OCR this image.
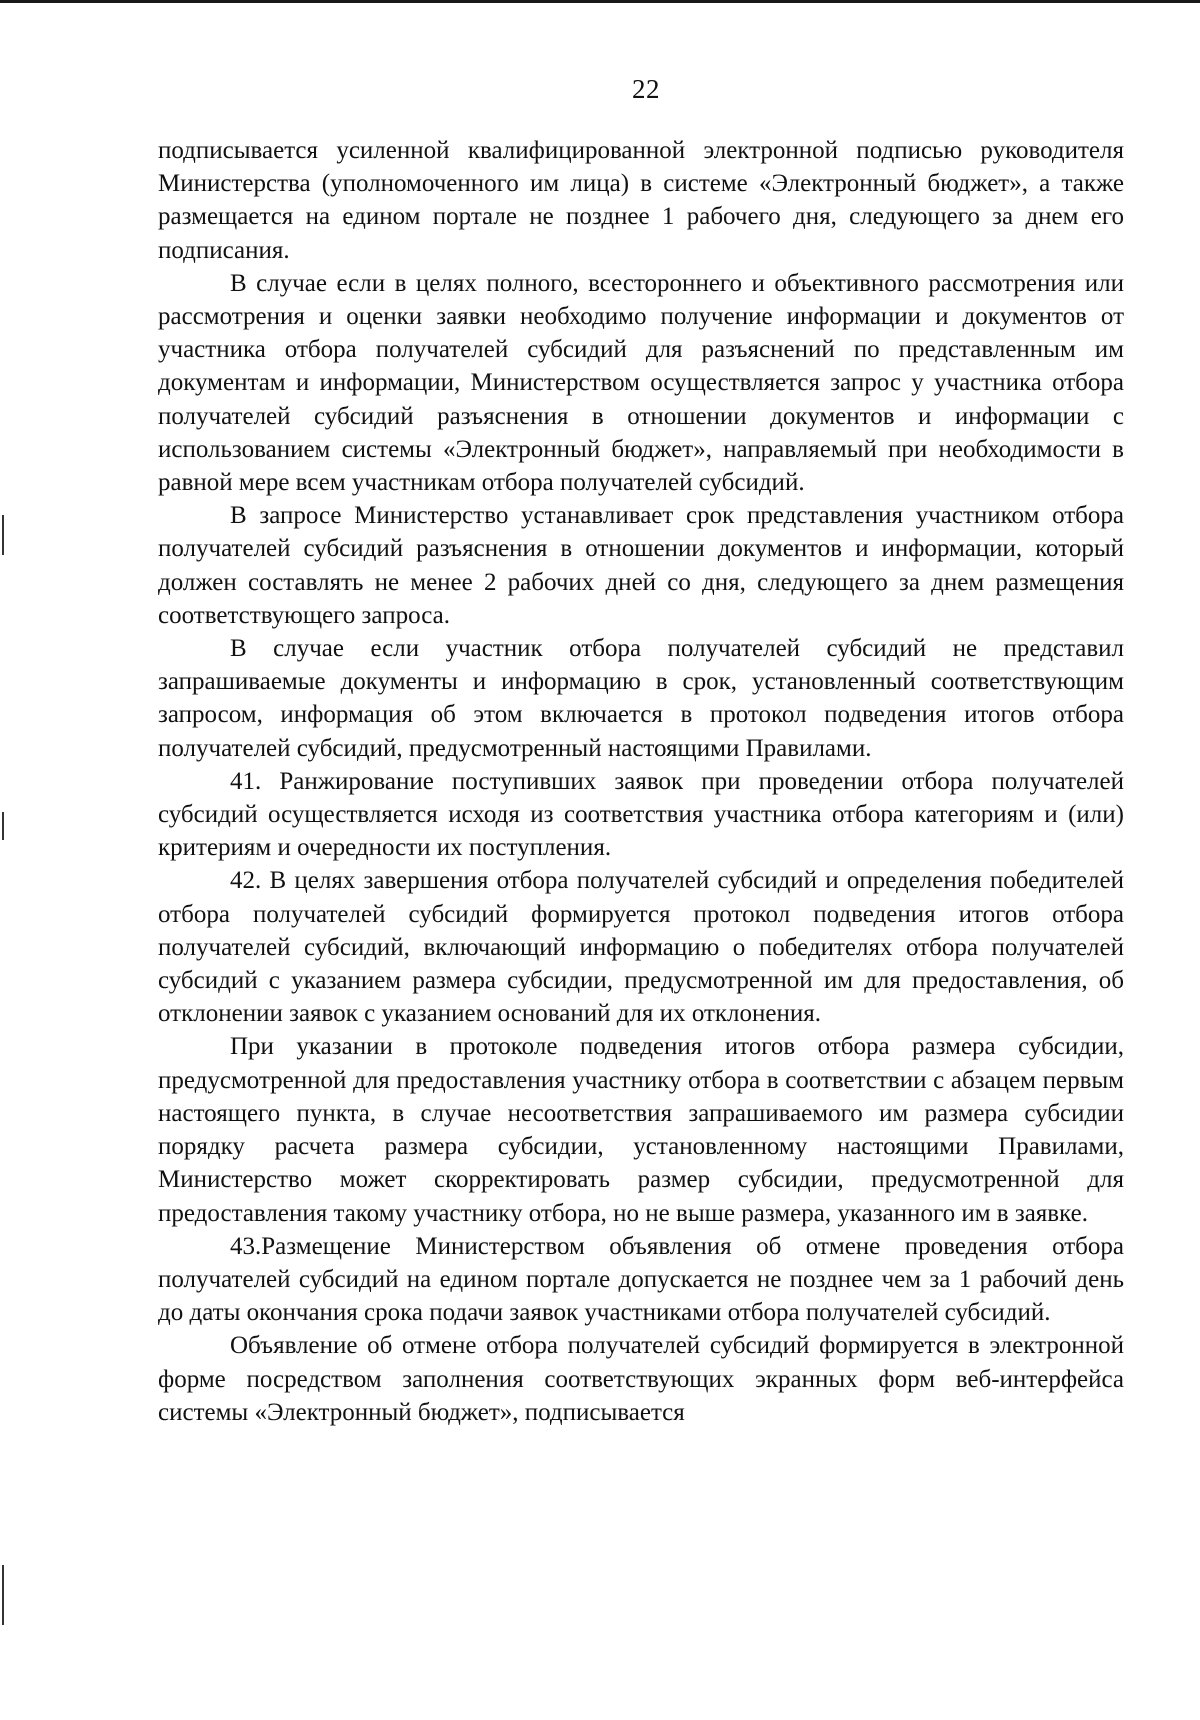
22

подписывается усиленной квалифицированной электронной подписью руководителя Министерства (уполномоченного им лица) в системе «Электронный бюджет», а также размещается на едином портале не позднее 1 рабочего дня, следующего за днем его подписания.

В случае если в целях полного, всестороннего и объективного рассмотрения или рассмотрения и оценки заявки необходимо получение информации и документов от участника отбора получателей субсидий для разъяснений по представленным им документам и информации, Министерством осуществляется запрос у участника отбора получателей субсидий разъяснения в отношении документов и информации с использованием системы «Электронный бюджет», направляемый при необходимости в равной мере всем участникам отбора получателей субсидий.

В запросе Министерство устанавливает срок представления участником отбора получателей субсидий разъяснения в отношении документов и информации, который должен составлять не менее 2 рабочих дней со дня, следующего за днем размещения соответствующего запроса.

В случае если участник отбора получателей субсидий не представил запрашиваемые документы и информацию в срок, установленный соответствующим запросом, информация об этом включается в протокол подведения итогов отбора получателей субсидий, предусмотренный настоящими Правилами.

41. Ранжирование поступивших заявок при проведении отбора получателей субсидий осуществляется исходя из соответствия участника отбора категориям и (или) критериям и очередности их поступления.

42. В целях завершения отбора получателей субсидий и определения победителей отбора получателей субсидий формируется протокол подведения итогов отбора получателей субсидий, включающий информацию о победителях отбора получателей субсидий с указанием размера субсидии, предусмотренной им для предоставления, об отклонении заявок с указанием оснований для их отклонения.

При указании в протоколе подведения итогов отбора размера субсидии, предусмотренной для предоставления участнику отбора в соответствии с абзацем первым настоящего пункта, в случае несоответствия запрашиваемого им размера субсидии порядку расчета размера субсидии, установленному настоящими Правилами, Министерство может скорректировать размер субсидии, предусмотренной для предоставления такому участнику отбора, но не выше размера, указанного им в заявке.

43.Размещение Министерством объявления об отмене проведения отбора получателей субсидий на едином портале допускается не позднее чем за 1 рабочий день до даты окончания срока подачи заявок участниками отбора получателей субсидий.

Объявление об отмене отбора получателей субсидий формируется в электронной форме посредством заполнения соответствующих экранных форм веб-интерфейса системы «Электронный бюджет», подписывается
